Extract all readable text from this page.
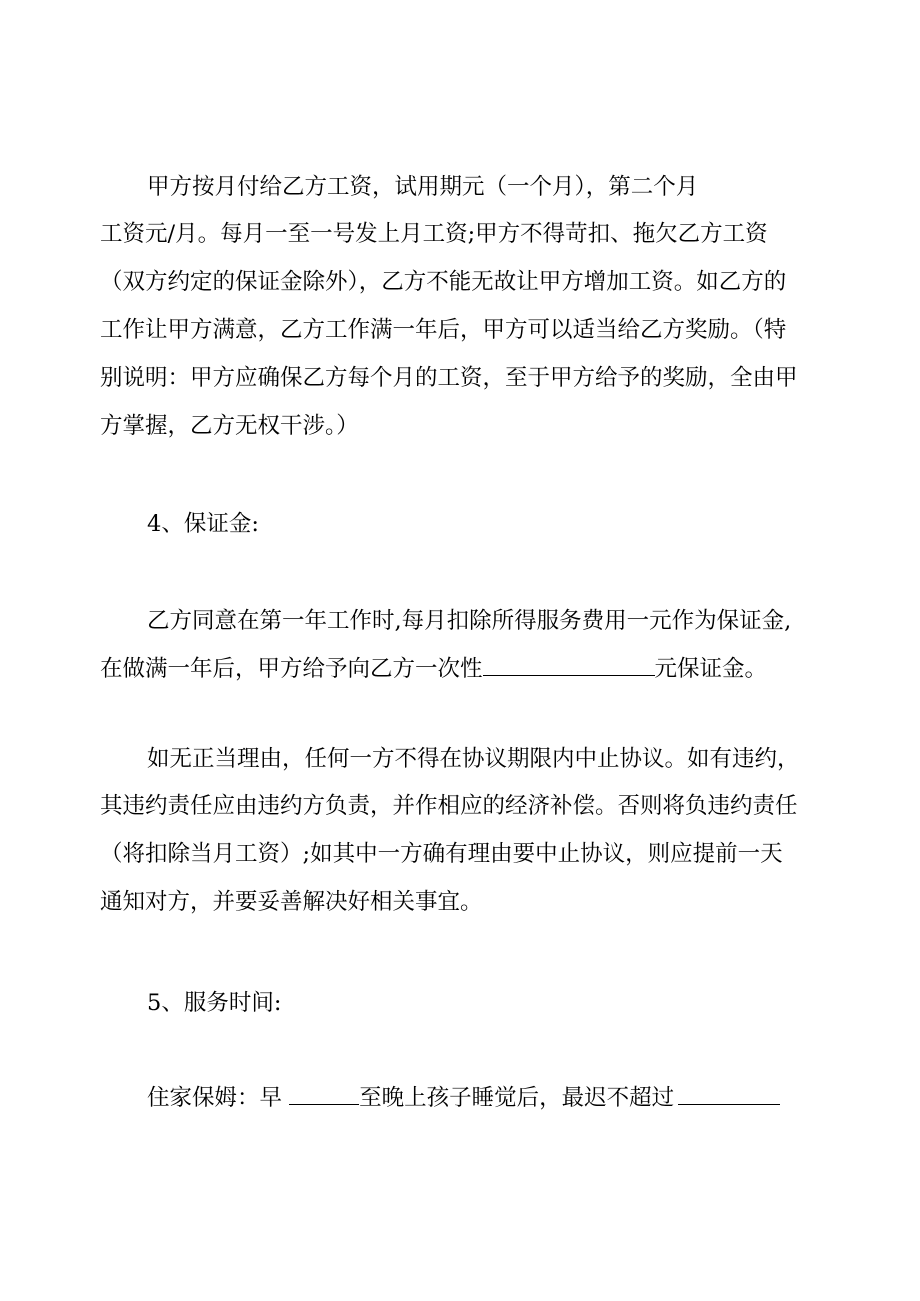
甲方按月付给乙方工资，试用期元（一个月），第二个月
工资元/月。每月一至一号发上月工资;甲方不得苛扣、拖欠乙方工资
（双方约定的保证金除外），乙方不能无故让甲方增加工资。如乙方的
工作让甲方满意，乙方工作满一年后，甲方可以适当给乙方奖励。（特
别说明：甲方应确保乙方每个月的工资，至于甲方给予的奖励，全由甲
方掌握，乙方无权干涉。）
4、保证金:
乙方同意在第一年工作时,每月扣除所得服务费用一元作为保证金,
在做满一年后，甲方给予向乙方一次性	元保证金。
如无正当理由，任何一方不得在协议期限内中止协议。如有违约，
其违约责任应由违约方负责，并作相应的经济补偿。否则将负违约责任
（将扣除当月工资）;如其中一方确有理由要中止协议，则应提前一天
通知对方，并要妥善解决好相关事宜。
5、服务时间:
住家保姆：早	至晚上孩子睡觉后，最迟不超过
